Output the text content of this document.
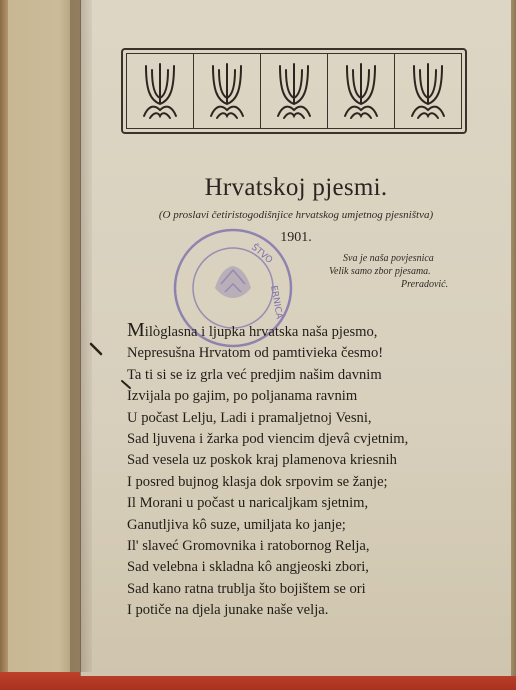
Hrvatskoj pjesmi.
(O proslavi četiristogodišnjice hrvatskog umjetnog pjesništva)
1901.
Sva je naša povjesnica
Velik samo zbor pjesama.
Preradović.
ŠTVO
ERNICA
Milòglasna i ljupka hrvatska naša pjesmo,
Nepresušna Hrvatom od pamtivieka česmo!
Ta ti si se iz grla već predjim našim davnim
Izvijala po gajim, po poljanama ravnim
U počast Lelju, Ladi i pramaljetnoj Vesni,
Sad ljuvena i žarka pod viencim djevâ cvjetnim,
Sad vesela uz poskok kraj plamenova kriesnih
I posred bujnog klasja dok srpovim se žanje;
Il Morani u počast u naricaljkam sjetnim,
Ganutljiva kô suze, umiljata ko janje;
Il' slaveć Gromovnika i ratobornog Relja,
Sad velebna i skladna kô angjeoski zbori,
Sad kano ratna trublja što bojištem se ori
I potiče na djela junake naše velja.
